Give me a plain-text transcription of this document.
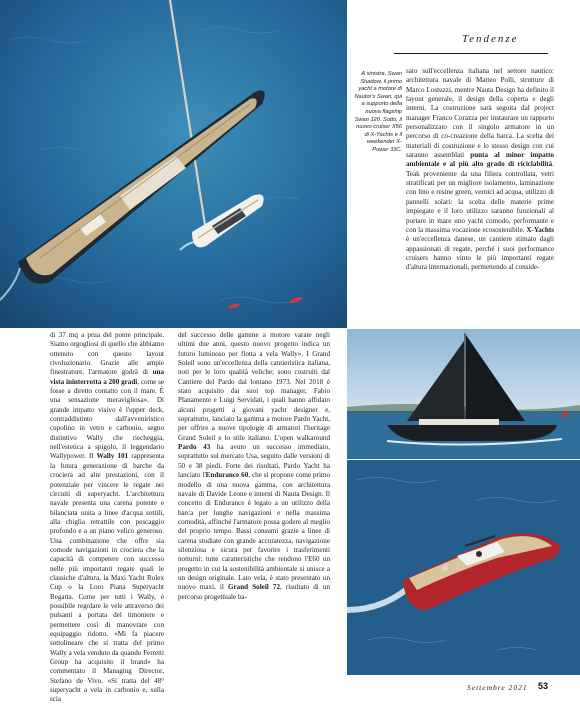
Tendenze
A sinistra, Swan Shadow, il primo yacht a motore di Nautor's Swan, qui a supporto della nuova flagship Swan 120. Sotto, il nuovo cruiser X56 di X-Yachts e il weekender X-Power 33C.

sato sull'eccellenza italiana nel settore nautico: architettura navale di Matteo Polli, strutture di Marco Lostuzzi, mentre Nauta Design ha definito il layout generale, il design della coperta e degli interni. La costruzione sarà seguita dal project manager Franco Corazza per instaurare un rapporto personalizzato con il singolo armatore in un percorso di co-creazione della barca. La scelta dei materiali di costruzione e lo stesso design con cui saranno assemblati punta al minor impatto ambientale e al più alto grado di riciclabilità. Teak proveniente da una filiera controllata, vetri stratificati per un migliore isolamento, laminazione con lino e resine green, vernici ad acqua, utilizzo di pannelli solari: la scelta delle materie prime impiegate e il loro utilizzo saranno funzionali al portare in mare uno yacht comodo, performante e con la massima vocazione ecosostenibile. X-Yachts è un'eccellenza danese, un cantiere stimato dagli appassionati di regate, perché i suoi performance cruisers hanno vinto le più importanti regate d'altura internazionali, permettendo al conside-

di 37 mq a prua del ponte principale. Siamo orgogliosi di quello che abbiamo ottenuto con questo layout rivoluzionario. Grazie alle ampie finestrature, l'armatore godrà di una vista ininterrotta a 200 gradi, come se fosse a diretto contatto con il mare. È una sensazione meravigliosa». Di grande impatto visivo è l'upper deck, contraddistinto dall'avveniristico cupolino in vetro e carbonio, segno distintivo Wally che riecheggia, nell'estetica a spigolo, il leggendario Wallypower. Il Wally 101 rappresenta la futura generazione di barche da crociera ad alte prestazioni, con il potenziale per vincere le regate nei circuiti di superyacht. L'architettura navale presenta una carena potente e bilanciata unita a linee d'acqua sottili, alla chiglia retrattile con pescaggio profondo e a un piano velico generoso. Una combinazione che offre sia comode navigazioni in crociera che la capacità di competere con successo nelle più importanti regate quali le classiche d'altura, la Maxi Yacht Rolex Cup o la Loro Piana Superyacht Regatta. Come per tutti i Wally, è possibile regolare le vele attraverso dei pulsanti a portata del timoniere e permettere così di manovrare con equipaggio ridotto. «Mi fa piacere sottolineare che si tratta del primo Wally a vela venduto da quando Ferretti Group ha acquisito il brand» ha commentato il Managing Director, Stefano de Vivo. «Si tratta del 48° superyacht a vela in carbonio e, sulla scia

del successo delle gamme a motore varate negli ultimi due anni, questo nuovo progetto indica un futuro luminoso per flotta a vela Wally». I Grand Soleil sono un'eccellenza della cantieristica italiana, noti per le loro qualità veliche; sono costruiti dal Cantiere del Pardo dal lontano 1973. Nel 2018 è stato acquisito dai suoi top manager, Fabio Planamente e Luigi Servidati, i quali hanno affidato alcuni progetti a giovani yacht designer e, soprattutto, lanciato la gamma a motore Pardo Yacht, per offrire a nuove tipologie di armatori l'heritage Grand Soleil e lo stile italiano. L'open walkaround Pardo 43 ha avuto un successo immediato, soprattutto sul mercato Usa, seguito dalle versioni di 50 e 38 piedi. Forte dei risultati, Pardo Yacht ha lanciato l'Endurance 60, che si propone come primo modello di una nuova gamma, con architettura navale di Davide Leone e interni di Nauta Design. Il concetto di Endurance è legato a un utilizzo della barca per lunghe navigazioni e nella massima comodità, affinché l'armatore possa godere al meglio del proprio tempo. Bassi consumi grazie a linee di carena studiate con grande accuratezza, navigazione silenziosa e sicura per favorire i trasferimenti notturni: tutte caratteristiche che rendono l'E60 un progetto in cui la sostenibilità ambientale si unisce a un design originale. Lato vela, è stato presentato un nuovo maxi, il Grand Soleil 72, risultato di un percorso progettuale ba-

Settembre 2021 53
